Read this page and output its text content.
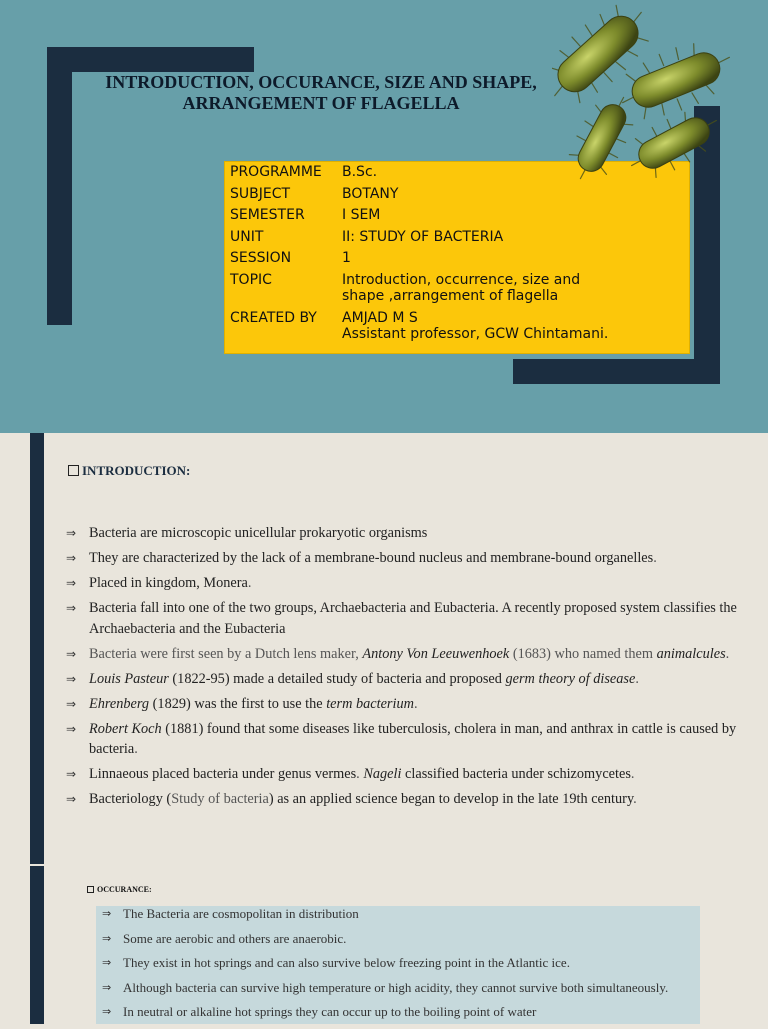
INTRODUCTION, OCCURANCE, SIZE AND SHAPE,
ARRANGEMENT OF FLAGELLA
PROGRAMME	B.Sc.
SUBJECT	BOTANY
SEMESTER	I SEM
UNIT	II: STUDY OF BACTERIA
SESSION	1
TOPIC	Introduction, occurrence, size and
shape ,arrangement of flagella
CREATED BY	AMJAD M S
Assistant professor, GCW Chintamani.
INTRODUCTION:
⇒ Bacteria are microscopic unicellular prokaryotic organisms
⇒ They are characterized by the lack of a membrane-bound nucleus and membrane-bound organelles.
⇒ Placed in kingdom, Monera.
⇒ Bacteria fall into one of the two groups, Archaebacteria and Eubacteria. A recently proposed system classifies the Archaebacteria and the Eubacteria
⇒ Bacteria were first seen by a Dutch lens maker, Antony Von Leeuwenhoek (1683) who named them animalcules.
⇒ Louis Pasteur (1822-95) made a detailed study of bacteria and proposed germ theory of disease.
⇒ Ehrenberg (1829) was the first to use the term bacterium.
⇒ Robert Koch (1881) found that some diseases like tuberculosis, cholera in man, and anthrax in cattle is caused by bacteria.
⇒ Linnaeous placed bacteria under genus vermes. Nageli classified bacteria under schizomycetes.
⇒ Bacteriology (Study of bacteria) as an applied science began to develop in the late 19th century.
OCCURANCE:
⇒ The Bacteria are cosmopolitan in distribution
⇒ Some are aerobic and others are anaerobic.
⇒ They exist in hot springs and can also survive below freezing point in the Atlantic ice.
⇒ Although bacteria can survive high temperature or high acidity, they cannot survive both simultaneously.
⇒ In neutral or alkaline hot springs they can occur up to the boiling point of water
